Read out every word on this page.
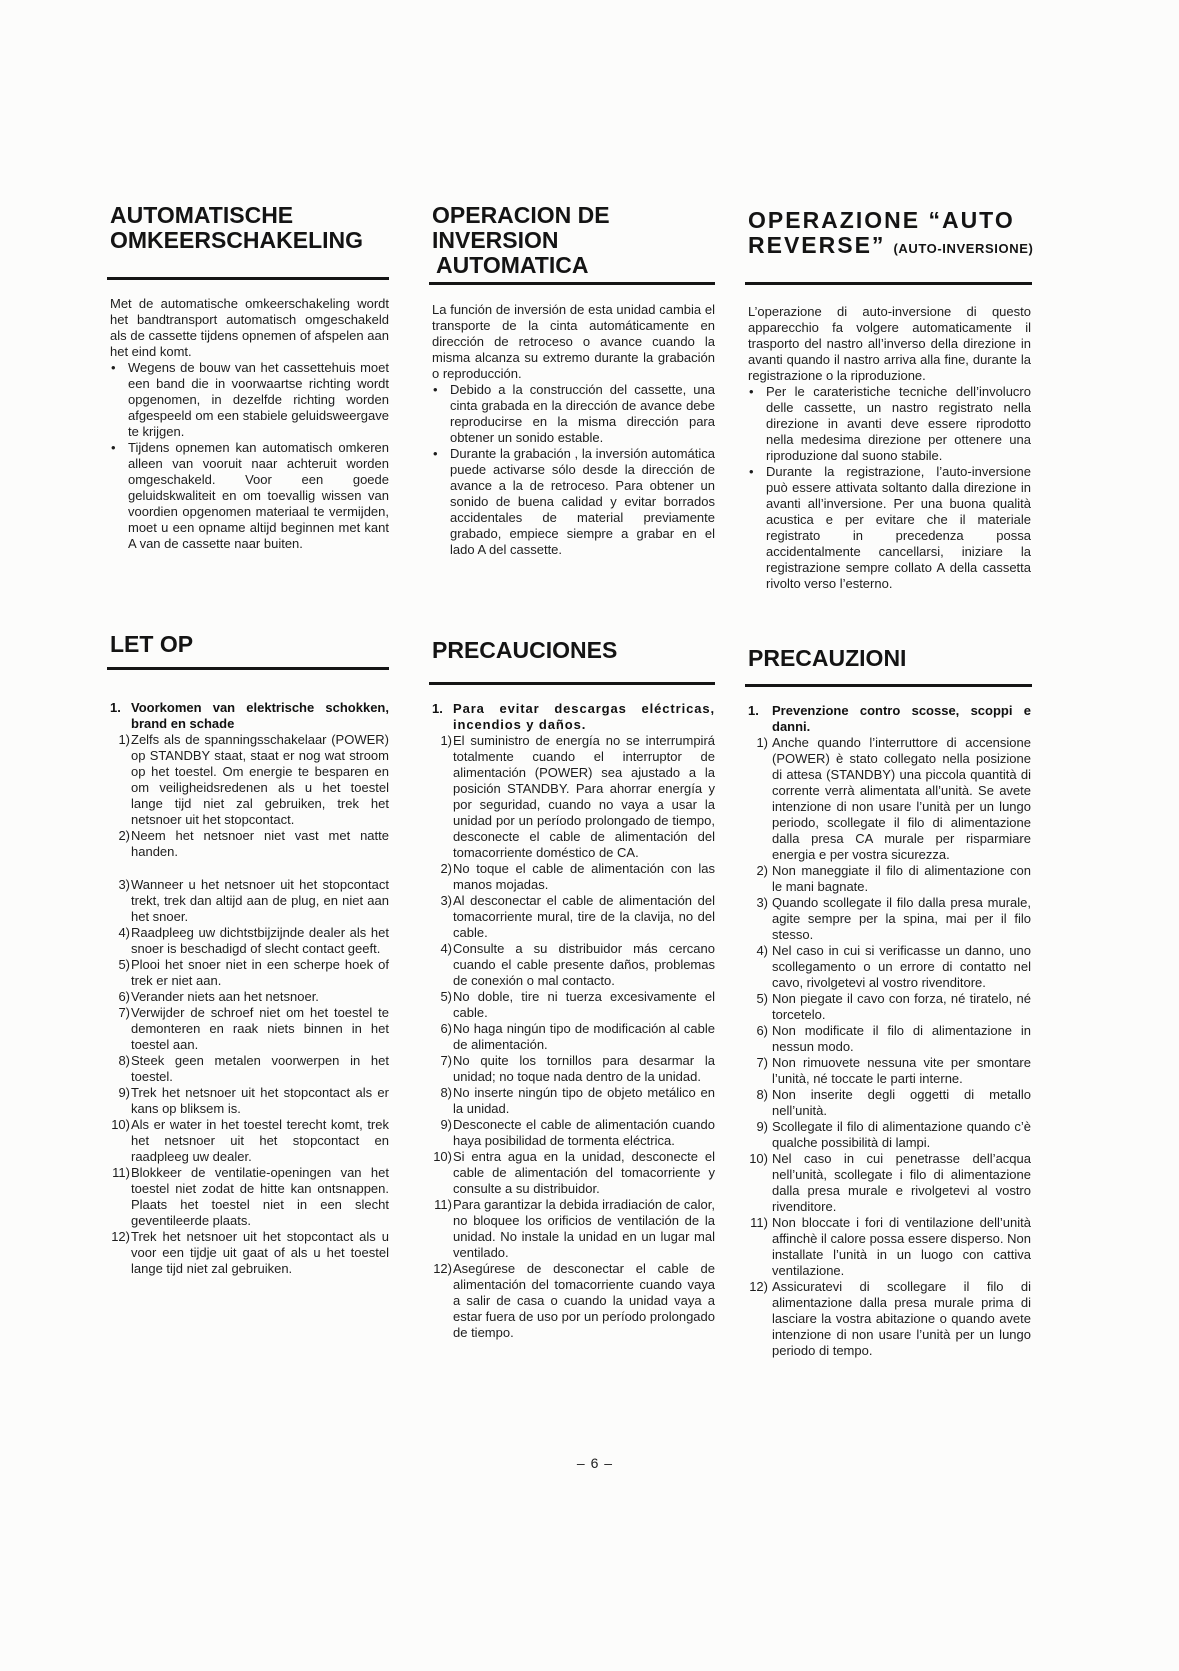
AUTOMATISCHE
OMKEERSCHAKELING

Met de automatische omkeerschakeling wordt het bandtransport automatisch omgeschakeld als de cassette tijdens opnemen of afspelen aan het eind komt.

•
Wegens de bouw van het cassettehuis moet een band die in voorwaartse richting wordt opgenomen, in dezelfde richting worden afgespeeld om een stabiele geluidsweergave te krijgen.
•
Tijdens opnemen kan automatisch omkeren alleen van vooruit naar achteruit worden omgeschakeld. Voor een goede geluidskwaliteit en om toevallig wissen van voordien opgenomen materiaal te vermijden, moet u een opname altijd beginnen met kant A van de cassette naar buiten.
LET OP
1. Voorkomen van elektrische schokken, brand en schade
1) Zelfs als de spanningsschakelaar (POWER) op STANDBY staat, staat er nog wat stroom op het toestel. Om energie te besparen en om veiligheidsredenen als u het toestel lange tijd niet zal gebruiken, trek het netsnoer uit het stopcontact.
2) Neem het netsnoer niet vast met natte handen.
3) Wanneer u het netsnoer uit het stopcontact trekt, trek dan altijd aan de plug, en niet aan het snoer.
4) Raadpleeg uw dichtstbijzijnde dealer als het snoer is beschadigd of slecht contact geeft.
5) Plooi het snoer niet in een scherpe hoek of trek er niet aan.
6) Verander niets aan het netsnoer.
7) Verwijder de schroef niet om het toestel te demonteren en raak niets binnen in het toestel aan.
8) Steek geen metalen voorwerpen in het toestel.
9) Trek het netsnoer uit het stopcontact als er kans op bliksem is.
10) Als er water in het toestel terecht komt, trek het netsnoer uit het stopcontact en raadpleeg uw dealer.
11) Blokkeer de ventilatie-openingen van het toestel niet zodat de hitte kan ontsnappen. Plaats het toestel niet in een slecht geventileerde plaats.
12) Trek het netsnoer uit het stopcontact als u voor een tijdje uit gaat of als u het toestel lange tijd niet zal gebruiken.
OPERACION DE
INVERSION
AUTOMATICA

La función de inversión de esta unidad cambia el transporte de la cinta automáticamente en dirección de retroceso o avance cuando la misma alcanza su extremo durante la grabación o reproducción.

•
Debido a la construcción del cassette, una cinta grabada en la dirección de avance debe reproducirse en la misma dirección para obtener un sonido estable.
•
Durante la grabación , la inversión automática puede activarse sólo desde la dirección de avance a la de retroceso. Para obtener un sonido de buena calidad y evitar borrados accidentales de material previamente grabado, empiece siempre a grabar en el lado A del cassette.
PRECAUCIONES
1. Para evitar descargas eléctricas, incendios y daños.
1) El suministro de energía no se interrumpirá totalmente cuando el interruptor de alimentación (POWER) sea ajustado a la posición STANDBY. Para ahorrar energía y por seguridad, cuando no vaya a usar la unidad por un período prolongado de tiempo, desconecte el cable de alimentación del tomacorriente doméstico de CA.
2) No toque el cable de alimentación con las manos mojadas.
3) Al desconectar el cable de alimentación del tomacorriente mural, tire de la clavija, no del cable.
4) Consulte a su distribuidor más cercano cuando el cable presente daños, problemas de conexión o mal contacto.
5) No doble, tire ni tuerza excesivamente el cable.
6) No haga ningún tipo de modificación al cable de alimentación.
7) No quite los tornillos para desarmar la unidad; no toque nada dentro de la unidad.
8) No inserte ningún tipo de objeto metálico en la unidad.
9) Desconecte el cable de alimentación cuando haya posibilidad de tormenta eléctrica.
10) Si entra agua en la unidad, desconecte el cable de alimentación del tomacorriente y consulte a su distribuidor.
11) Para garantizar la debida irradiación de calor, no bloquee los orificios de ventilación de la unidad. No instale la unidad en un lugar mal ventilado.
12) Asegúrese de desconectar el cable de alimentación del tomacorriente cuando vaya a salir de casa o cuando la unidad vaya a estar fuera de uso por un período prolongado de tiempo.
OPERAZIONE “AUTO
REVERSE” (AUTO-INVERSIONE)

L’operazione di auto-inversione di questo apparecchio fa volgere automaticamente il trasporto del nastro all’inverso della direzione in avanti quando il nastro arriva alla fine, durante la registrazione o la riproduzione.

•
Per le carateristiche tecniche dell’involucro delle cassette, un nastro registrato nella direzione in avanti deve essere riprodotto nella medesima direzione per ottenere una riproduzione dal suono stabile.
•
Durante la registrazione, l’auto-inversione può essere attivata soltanto dalla direzione in avanti all’inversione. Per una buona qualità acustica e per evitare che il materiale registrato in precedenza possa accidentalmente cancellarsi, iniziare la registrazione sempre collato A della cassetta rivolto verso l’esterno.
PRECAUZIONI
1.	Prevenzione contro scosse, scoppi e danni.
1) Anche quando l’interruttore di accensione (POWER) è stato collegato nella posizione di attesa (STANDBY) una piccola quantità di corrente verrà alimentata all’unità. Se avete intenzione di non usare l’unità per un lungo periodo, scollegate il filo di alimentazione dalla presa CA murale per risparmiare energia e per vostra sicurezza.
2) Non maneggiate il filo di alimentazione con le mani bagnate.
3) Quando scollegate il filo dalla presa murale, agite sempre per la spina, mai per il filo stesso.
4) Nel caso in cui si verificasse un danno, uno scollegamento o un errore di contatto nel cavo, rivolgetevi al vostro rivenditore.
5) Non piegate il cavo con forza, né tiratelo, né torcetelo.
6) Non modificate il filo di alimentazione in nessun modo.
7) Non rimuovete nessuna vite per smontare l’unità, né toccate le parti interne.
8) Non inserite degli oggetti di metallo nell’unità.
9) Scollegate il filo di alimentazione quando c’è qualche possibilità di lampi.
10) Nel caso in cui penetrasse dell’acqua nell’unità, scollegate i filo di alimentazione dalla presa murale e rivolgetevi al vostro rivenditore.
11) Non bloccate i fori di ventilazione dell’unità affinchè il calore possa essere disperso. Non installate l’unità in un luogo con cattiva ventilazione.
12) Assicuratevi di scollegare il filo di alimentazione dalla presa murale prima di lasciare la vostra abitazione o quando avete intenzione di non usare l’unità per un lungo periodo di tempo.
– 6 –
